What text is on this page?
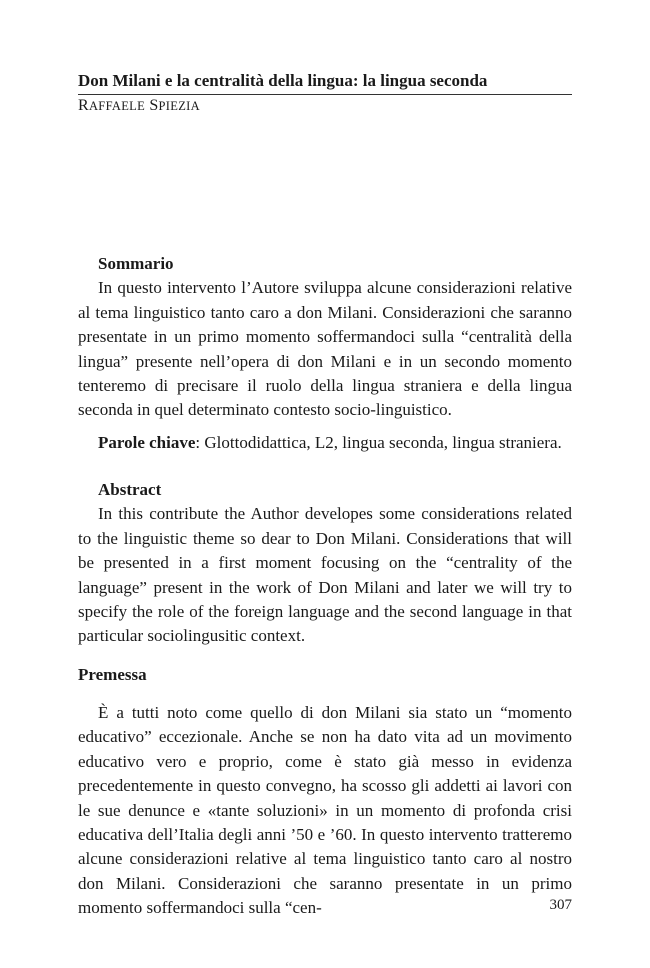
Don Milani e la centralità della lingua: la lingua seconda
RAFFAELE SPIEZIA

Sommario

In questo intervento l’Autore sviluppa alcune considerazioni relative al tema linguistico tanto caro a don Milani. Considerazioni che saranno presentate in un primo momento soffermandoci sulla “centralità della lingua” presente nell’opera di don Milani e in un secondo momento tenteremo di precisare il ruolo della lingua straniera e della lingua seconda in quel determinato contesto socio-linguistico.

Parole chiave: Glottodidattica, L2, lingua seconda, lingua straniera.

Abstract

In this contribute the Author developes some considerations related to the linguistic theme so dear to Don Milani. Considerations that will be presented in a first moment focusing on the “centrality of the language” present in the work of Don Milani and later we will try to specify the role of the foreign language and the second language in that particular sociolingusitic context.

Premessa

È a tutti noto come quello di don Milani sia stato un “momento educativo” eccezionale. Anche se non ha dato vita ad un movimento educativo vero e proprio, come è stato già messo in evidenza precedentemente in questo convegno, ha scosso gli addetti ai lavori con le sue denunce e «tante soluzioni» in un momento di profonda crisi educativa dell’Italia degli anni ’50 e ’60. In questo intervento tratteremo alcune considerazioni relative al tema linguistico tanto caro al nostro don Milani. Considerazioni che saranno presentate in un primo momento soffermandoci sulla “cen-	307
